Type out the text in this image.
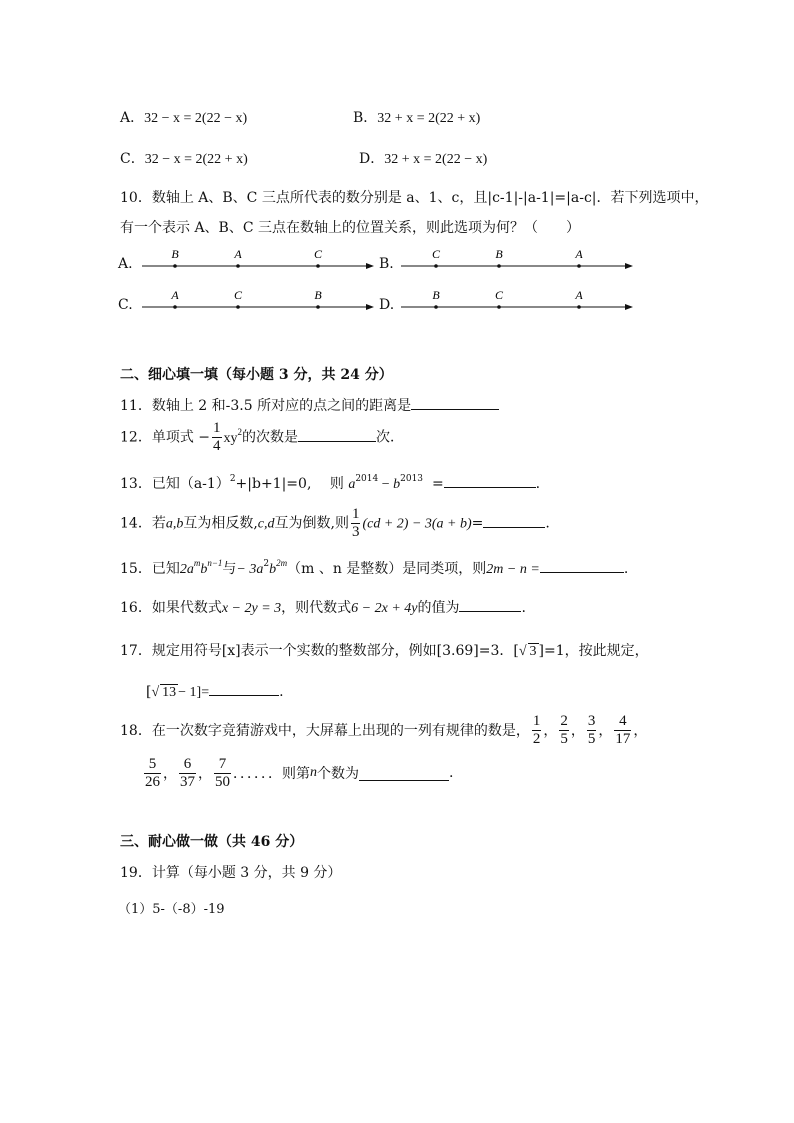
A．32 − x = 2(22 − x)	B．32 + x = 2(22 + x)
C．32 − x = 2(22 + x)	D．32 + x = 2(22 − x)
10．数轴上 A、B、C 三点所代表的数分别是 a、1、c，且|c-1|-|a-1|=|a-c|．若下列选项中，
有一个表示 A、B、C 三点在数轴上的位置关系，则此选项为何？（　　）
A.
B	A	C
B.
C	B	A
C.
A	C	B
D.
B	C	A
二、细心填一填（每小题 3 分，共 24 分）
11．数轴上 2 和-3.5 所对应的点之间的距离是
12．单项式 − $\frac{1}{4} xy^2$的次数是	次．
13．已知$(a-1)^2+|b+1|=0$,　 则 $a^{2014} - b^{2013}$ =	.
14．若a,b互为相反数,c,d互为倒数,则 $\frac{1}{3} (cd + 2) - 3(a + b)=$	.
15．已知$2a^mb^{n-1}$与− $3a^2b^{2m}(m$ 、n 是整数）是同类项，则2m − n =	.
16．如果代数式x − 2y = 3，则代数式6 − 2x + 4y的值为	.
17．规定用符号[x]表示一个实数的整数部分，例如[3.69]=3．[√ 3 ]=1，按此规定，
[√ 13 − 1]=	.
18．在一次数字竞猜游戏中，大屏幕上出现的一列有规律的数是， $\frac{1}{2}$ ， $\frac{2}{5}$ ， $\frac{3}{5}$ ， $\frac{4}{17}$ ，
$\frac{5}{26}$ ， $\frac{6}{37}$ ， $\frac{7}{50}$ ．．．．．．则第 n 个数为	.
三、耐心做一做（共 46 分）
19．计算（每小题 3 分，共 9 分）
（1）5-（-8）-19
